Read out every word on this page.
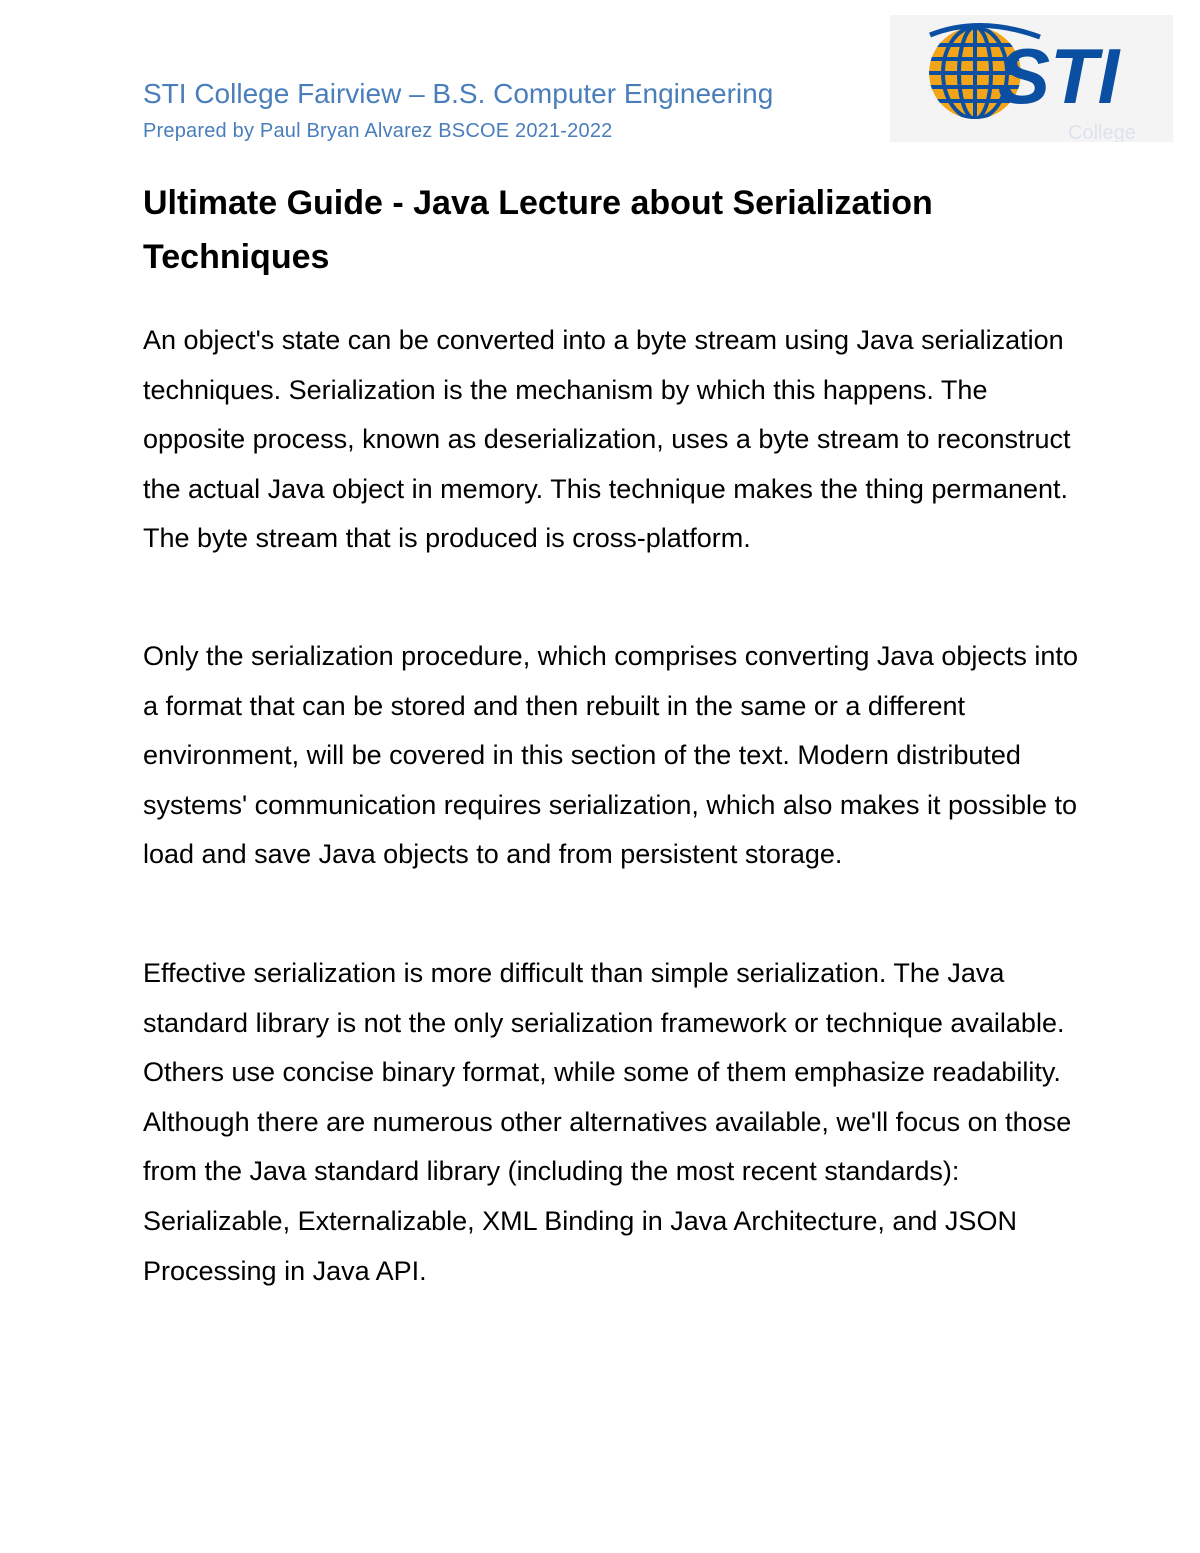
STI College Fairview – B.S. Computer Engineering
Prepared by Paul Bryan Alvarez BSCOE 2021-2022
STI
College
Ultimate Guide - Java Lecture about Serialization Techniques

An object's state can be converted into a byte stream using Java serialization techniques. Serialization is the mechanism by which this happens. The opposite process, known as deserialization, uses a byte stream to reconstruct the actual Java object in memory. This technique makes the thing permanent. The byte stream that is produced is cross-platform.

Only the serialization procedure, which comprises converting Java objects into a format that can be stored and then rebuilt in the same or a different environment, will be covered in this section of the text. Modern distributed systems' communication requires serialization, which also makes it possible to load and save Java objects to and from persistent storage.

Effective serialization is more difficult than simple serialization. The Java standard library is not the only serialization framework or technique available. Others use concise binary format, while some of them emphasize readability. Although there are numerous other alternatives available, we'll focus on those from the Java standard library (including the most recent standards): Serializable, Externalizable, XML Binding in Java Architecture, and JSON Processing in Java API.
